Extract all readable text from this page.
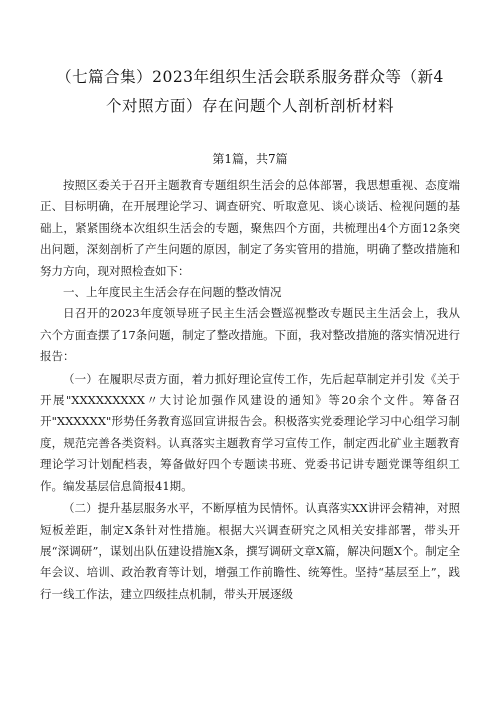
（七篇合集）2023年组织生活会联系服务群众等（新4

个对照方面）存在问题个人剖析剖析材料

第1篇，共7篇

按照区委关于召开主题教育专题组织生活会的总体部署，我思想重视、态度端正、目标明确，在开展理论学习、调查研究、听取意见、谈心谈话、检视问题的基础上，紧紧围绕本次组织生活会的专题，聚焦四个方面，共梳理出4个方面12条突出问题，深刻剖析了产生问题的原因，制定了务实管用的措施，明确了整改措施和努力方向，现对照检查如下：

一、上年度民主生活会存在问题的整改情况

日召开的2023年度领导班子民主生活会暨巡视整改专题民主生活会上，我从六个方面查摆了17条问题，制定了整改措施。下面，我对整改措施的落实情况进行报告：

（一）在履职尽责方面，着力抓好理论宣传工作，先后起草制定并引发《关于开展"XXXXXXXXX〃大讨论加强作风建设的通知》等20余个文件。筹备召开"XXXXXX"形势任务教育巡回宣讲报告会。积极落实党委理论学习中心组学习制度，规范完善各类资料。认真落实主题教育学习宣传工作，制定西北矿业主题教育理论学习计划配档表，筹备做好四个专题读书班、党委书记讲专题党课等组织工作。编发基层信息简报41期。

（二）提升基层服务水平，不断厚植为民情怀。认真落实XX讲评会精神，对照短板差距，制定X条针对性措施。根据大兴调查研究之风相关安排部署，带头开展“深调研”，谋划出队伍建设措施X条，撰写调研文章X篇，解决问题X个。制定全年会议、培训、政治教育等计划，增强工作前瞻性、统筹性。坚持“基层至上”，践行一线工作法，建立四级挂点机制，带头开展逐级
